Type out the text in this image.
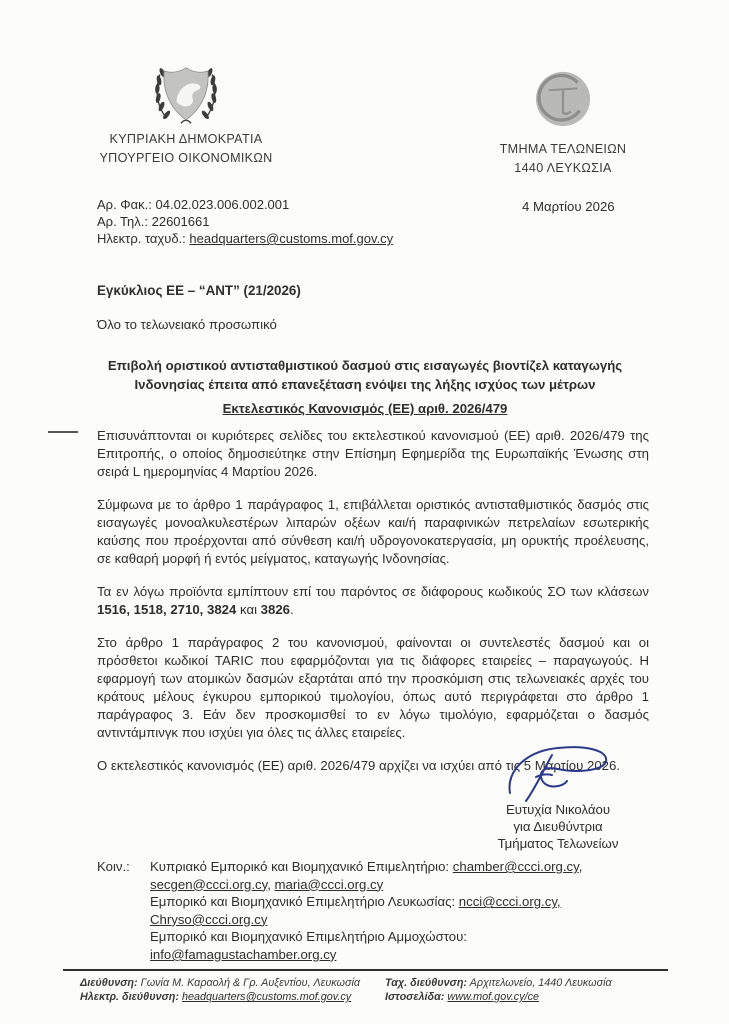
ΚΥΠΡΙΑΚΗ ΔΗΜΟΚΡΑΤΙΑ
ΥΠΟΥΡΓΕΙΟ ΟΙΚΟΝΟΜΙΚΩΝ
ΤΜΗΜΑ ΤΕΛΩΝΕΙΩΝ
1440 ΛΕΥΚΩΣΙΑ
Αρ. Φακ.: 04.02.023.006.002.001
Αρ. Τηλ.: 22601661
Ηλεκτρ. ταχυδ.: headquarters@customs.mof.gov.cy
4 Μαρτίου 2026
Εγκύκλιος ΕΕ – “ΑΝΤ” (21/2026)
Όλο το τελωνειακό προσωπικό
Επιβολή οριστικού αντισταθμιστικού δασμού στις εισαγωγές βιοντίζελ καταγωγής Ινδονησίας έπειτα από επανεξέταση ενόψει της λήξης ισχύος των μέτρων
Εκτελεστικός Κανονισμός (ΕΕ) αριθ. 2026/479

Επισυνάπτονται οι κυριότερες σελίδες του εκτελεστικού κανονισμού (ΕΕ) αριθ. 2026/479 της Επιτροπής, ο οποίος δημοσιεύτηκε στην Επίσημη Εφημερίδα της Ευρωπαϊκής Ένωσης στη σειρά L ημερομηνίας 4 Μαρτίου 2026.

Σύμφωνα με το άρθρο 1 παράγραφος 1, επιβάλλεται οριστικός αντισταθμιστικός δασμός στις εισαγωγές μονοαλκυλεστέρων λιπαρών οξέων και/ή παραφινικών πετρελαίων εσωτερικής καύσης που προέρχονται από σύνθεση και/ή υδρογονοκατεργασία, μη ορυκτής προέλευσης, σε καθαρή μορφή ή εντός μείγματος, καταγωγής Ινδονησίας.

Τα εν λόγω προϊόντα εμπίπτουν επί του παρόντος σε διάφορους κωδικούς ΣΟ των κλάσεων 1516, 1518, 2710, 3824 και 3826.

Στο άρθρο 1 παράγραφος 2 του κανονισμού, φαίνονται οι συντελεστές δασμού και οι πρόσθετοι κωδικοί TARIC που εφαρμόζονται για τις διάφορες εταιρείες – παραγωγούς. Η εφαρμογή των ατομικών δασμών εξαρτάται από την προσκόμιση στις τελωνειακές αρχές του κράτους μέλους έγκυρου εμπορικού τιμολογίου, όπως αυτό περιγράφεται στο άρθρο 1 παράγραφος 3. Εάν δεν προσκομισθεί το εν λόγω τιμολόγιο, εφαρμόζεται ο δασμός αντιντάμπινγκ που ισχύει για όλες τις άλλες εταιρείες.

Ο εκτελεστικός κανονισμός (ΕΕ) αριθ. 2026/479 αρχίζει να ισχύει από τις 5 Μαρτίου 2026.

Ευτυχία Νικολάου
για Διευθύντρια
Τμήματος Τελωνείων
Κοιν.:	Κυπριακό Εμπορικό και Βιομηχανικό Επιμελητήριο: chamber@ccci.org.cy,
secgen@ccci.org.cy, maria@ccci.org.cy
Εμπορικό και Βιομηχανικό Επιμελητήριο Λευκωσίας: ncci@ccci.org.cy,
Chryso@ccci.org.cy
Εμπορικό και Βιομηχανικό Επιμελητήριο Αμμοχώστου:
info@famagustachamber.org.cy
Διεύθυνση: Γωνία Μ. Καραολή & Γρ. Αυξεντίου, Λευκωσία
Ηλεκτρ. διεύθυνση: headquarters@customs.mof.gov.cy
Ταχ. διεύθυνση: Αρχιτελωνείο, 1440 Λευκωσία
Ιστοσελίδα: www.mof.gov.cy/ce
